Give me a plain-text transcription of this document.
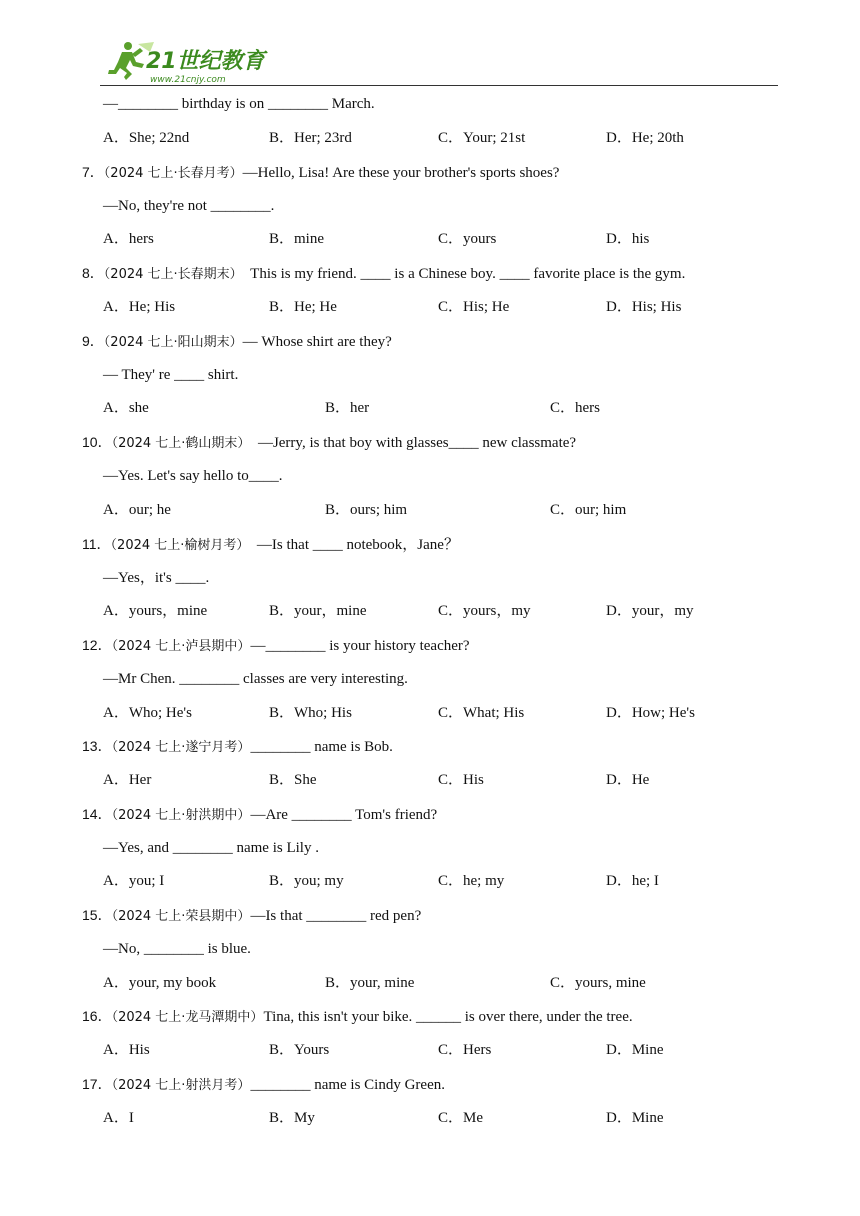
21世纪教育
www.21cnjy.com
—________ birthday is on ________ March.
A．She; 22nd	B．Her; 23rd	C．Your; 21st	D．He; 20th
7．（2024 七上·长春月考）—Hello, Lisa! Are these your brother's sports shoes?
—No, they're not ________.
A．hers	B．mine	C．yours	D．his
8．（2024 七上·长春期末）  This is my friend. ____ is a Chinese boy. ____ favorite place is the gym.
A．He; His	B．He; He	C．His; He	D．His; His
9．（2024 七上·阳山期末）— Whose shirt are they?
— They' re ____ shirt.
A．she	B．her	C．hers
10．（2024 七上·鹤山期末）  —Jerry, is that boy with glasses____ new classmate?
—Yes. Let's say hello to____.
A．our; he	B．ours; him	C．our; him
11．（2024 七上·榆树月考）  —Is that ____ notebook，Jane？
—Yes，it's ____.
A．yours，mine	B．your，mine	C．yours，my	D．your，my
12．（2024 七上·泸县期中）—________ is your history teacher?
—Mr Chen. ________ classes are very interesting.
A．Who; He's	B．Who; His	C．What; His	D．How; He's
13．（2024 七上·遂宁月考）________ name is Bob.
A．Her	B．She	C．His	D．He
14．（2024 七上·射洪期中）—Are ________ Tom's friend?
—Yes, and ________ name is Lily .
A．you; I	B．you; my	C．he; my	D．he; I
15．（2024 七上·荣县期中）—Is that ________ red pen?
—No, ________ is blue.
A．your, my book	B．your, mine	C．yours, mine
16．（2024 七上·龙马潭期中）Tina, this isn't your bike. ______ is over there, under the tree.
A．His	B．Yours	C．Hers	D．Mine
17．（2024 七上·射洪月考）________ name is Cindy Green.
A．I	B．My	C．Me	D．Mine
